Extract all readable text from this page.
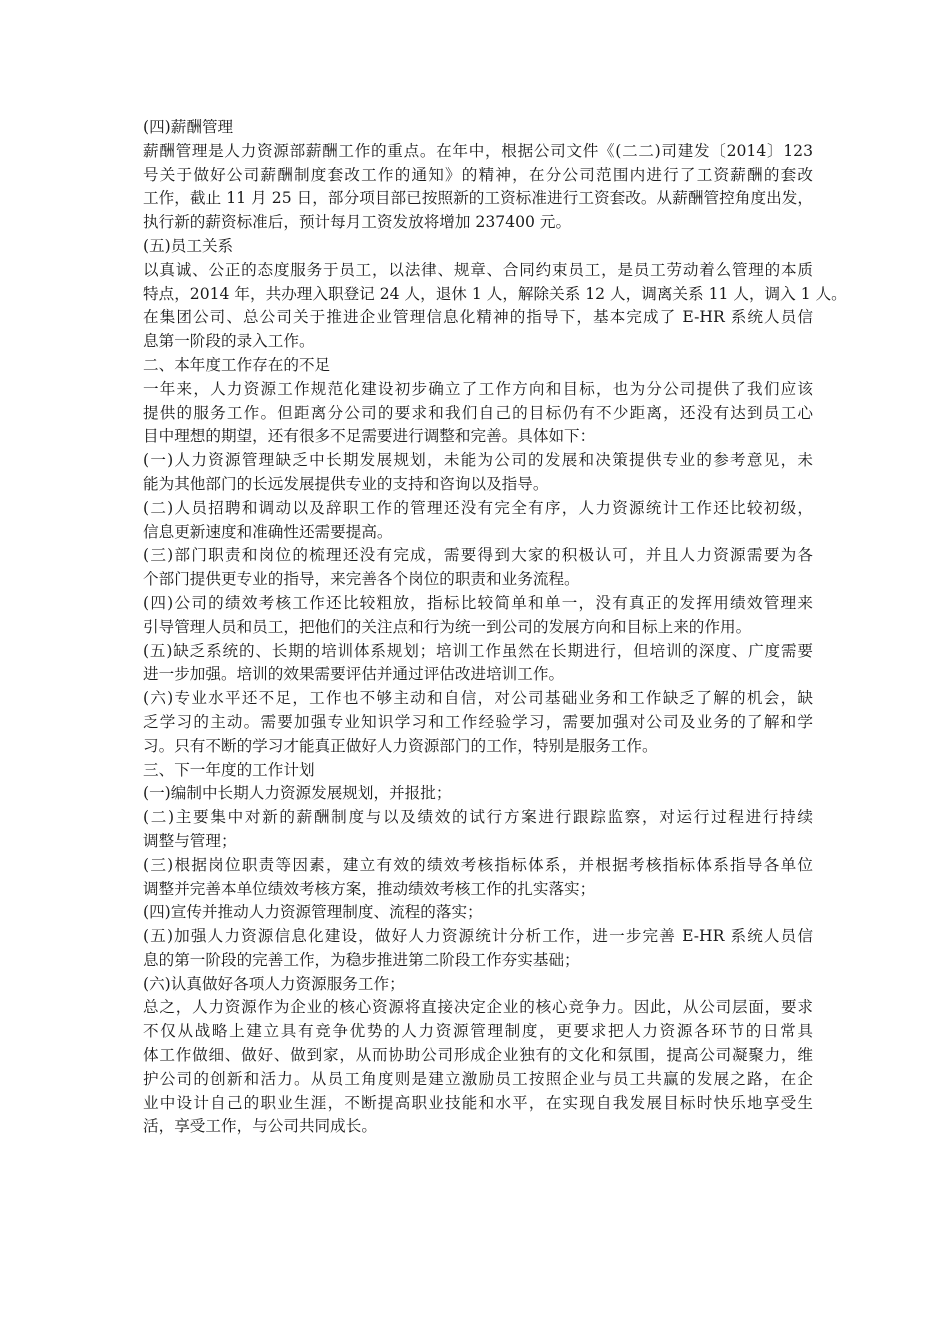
(四)薪酬管理
薪酬管理是人力资源部薪酬工作的重点。在年中，根据公司文件《(二二)司建发〔2014〕123
号关于做好公司薪酬制度套改工作的通知》的精神，在分公司范围内进行了工资薪酬的套改
工作，截止 11 月 25 日，部分项目部已按照新的工资标准进行工资套改。从薪酬管控角度出发，
执行新的薪资标准后，预计每月工资发放将增加 237400 元。
(五)员工关系
以真诚、公正的态度服务于员工，以法律、规章、合同约束员工，是员工劳动着么管理的本质
特点，2014 年，共办理入职登记 24 人，退休 1 人，解除关系 12 人，调离关系 11 人，调入 1 人。
在集团公司、总公司关于推进企业管理信息化精神的指导下，基本完成了 E-HR 系统人员信
息第一阶段的录入工作。
二、本年度工作存在的不足
一年来，人力资源工作规范化建设初步确立了工作方向和目标，也为分公司提供了我们应该
提供的服务工作。但距离分公司的要求和我们自己的目标仍有不少距离，还没有达到员工心
目中理想的期望，还有很多不足需要进行调整和完善。具体如下：
(一)人力资源管理缺乏中长期发展规划，未能为公司的发展和决策提供专业的参考意见，未
能为其他部门的长远发展提供专业的支持和咨询以及指导。
(二)人员招聘和调动以及辞职工作的管理还没有完全有序，人力资源统计工作还比较初级，
信息更新速度和准确性还需要提高。
(三)部门职责和岗位的梳理还没有完成，需要得到大家的积极认可，并且人力资源需要为各
个部门提供更专业的指导，来完善各个岗位的职责和业务流程。
(四)公司的绩效考核工作还比较粗放，指标比较简单和单一，没有真正的发挥用绩效管理来
引导管理人员和员工，把他们的关注点和行为统一到公司的发展方向和目标上来的作用。
(五)缺乏系统的、长期的培训体系规划；培训工作虽然在长期进行，但培训的深度、广度需要
进一步加强。培训的效果需要评估并通过评估改进培训工作。
(六)专业水平还不足，工作也不够主动和自信，对公司基础业务和工作缺乏了解的机会，缺
乏学习的主动。需要加强专业知识学习和工作经验学习，需要加强对公司及业务的了解和学
习。只有不断的学习才能真正做好人力资源部门的工作，特别是服务工作。
三、下一年度的工作计划
(一)编制中长期人力资源发展规划，并报批；
(二)主要集中对新的薪酬制度与以及绩效的试行方案进行跟踪监察，对运行过程进行持续
调整与管理；
(三)根据岗位职责等因素，建立有效的绩效考核指标体系，并根据考核指标体系指导各单位
调整并完善本单位绩效考核方案，推动绩效考核工作的扎实落实；
(四)宣传并推动人力资源管理制度、流程的落实；
(五)加强人力资源信息化建设，做好人力资源统计分析工作，进一步完善 E-HR 系统人员信
息的第一阶段的完善工作，为稳步推进第二阶段工作夯实基础；
(六)认真做好各项人力资源服务工作；
总之，人力资源作为企业的核心资源将直接决定企业的核心竞争力。因此，从公司层面，要求
不仅从战略上建立具有竞争优势的人力资源管理制度，更要求把人力资源各环节的日常具
体工作做细、做好、做到家，从而协助公司形成企业独有的文化和氛围，提高公司凝聚力，维
护公司的创新和活力。从员工角度则是建立激励员工按照企业与员工共赢的发展之路，在企
业中设计自己的职业生涯，不断提高职业技能和水平，在实现自我发展目标时快乐地享受生
活，享受工作，与公司共同成长。
